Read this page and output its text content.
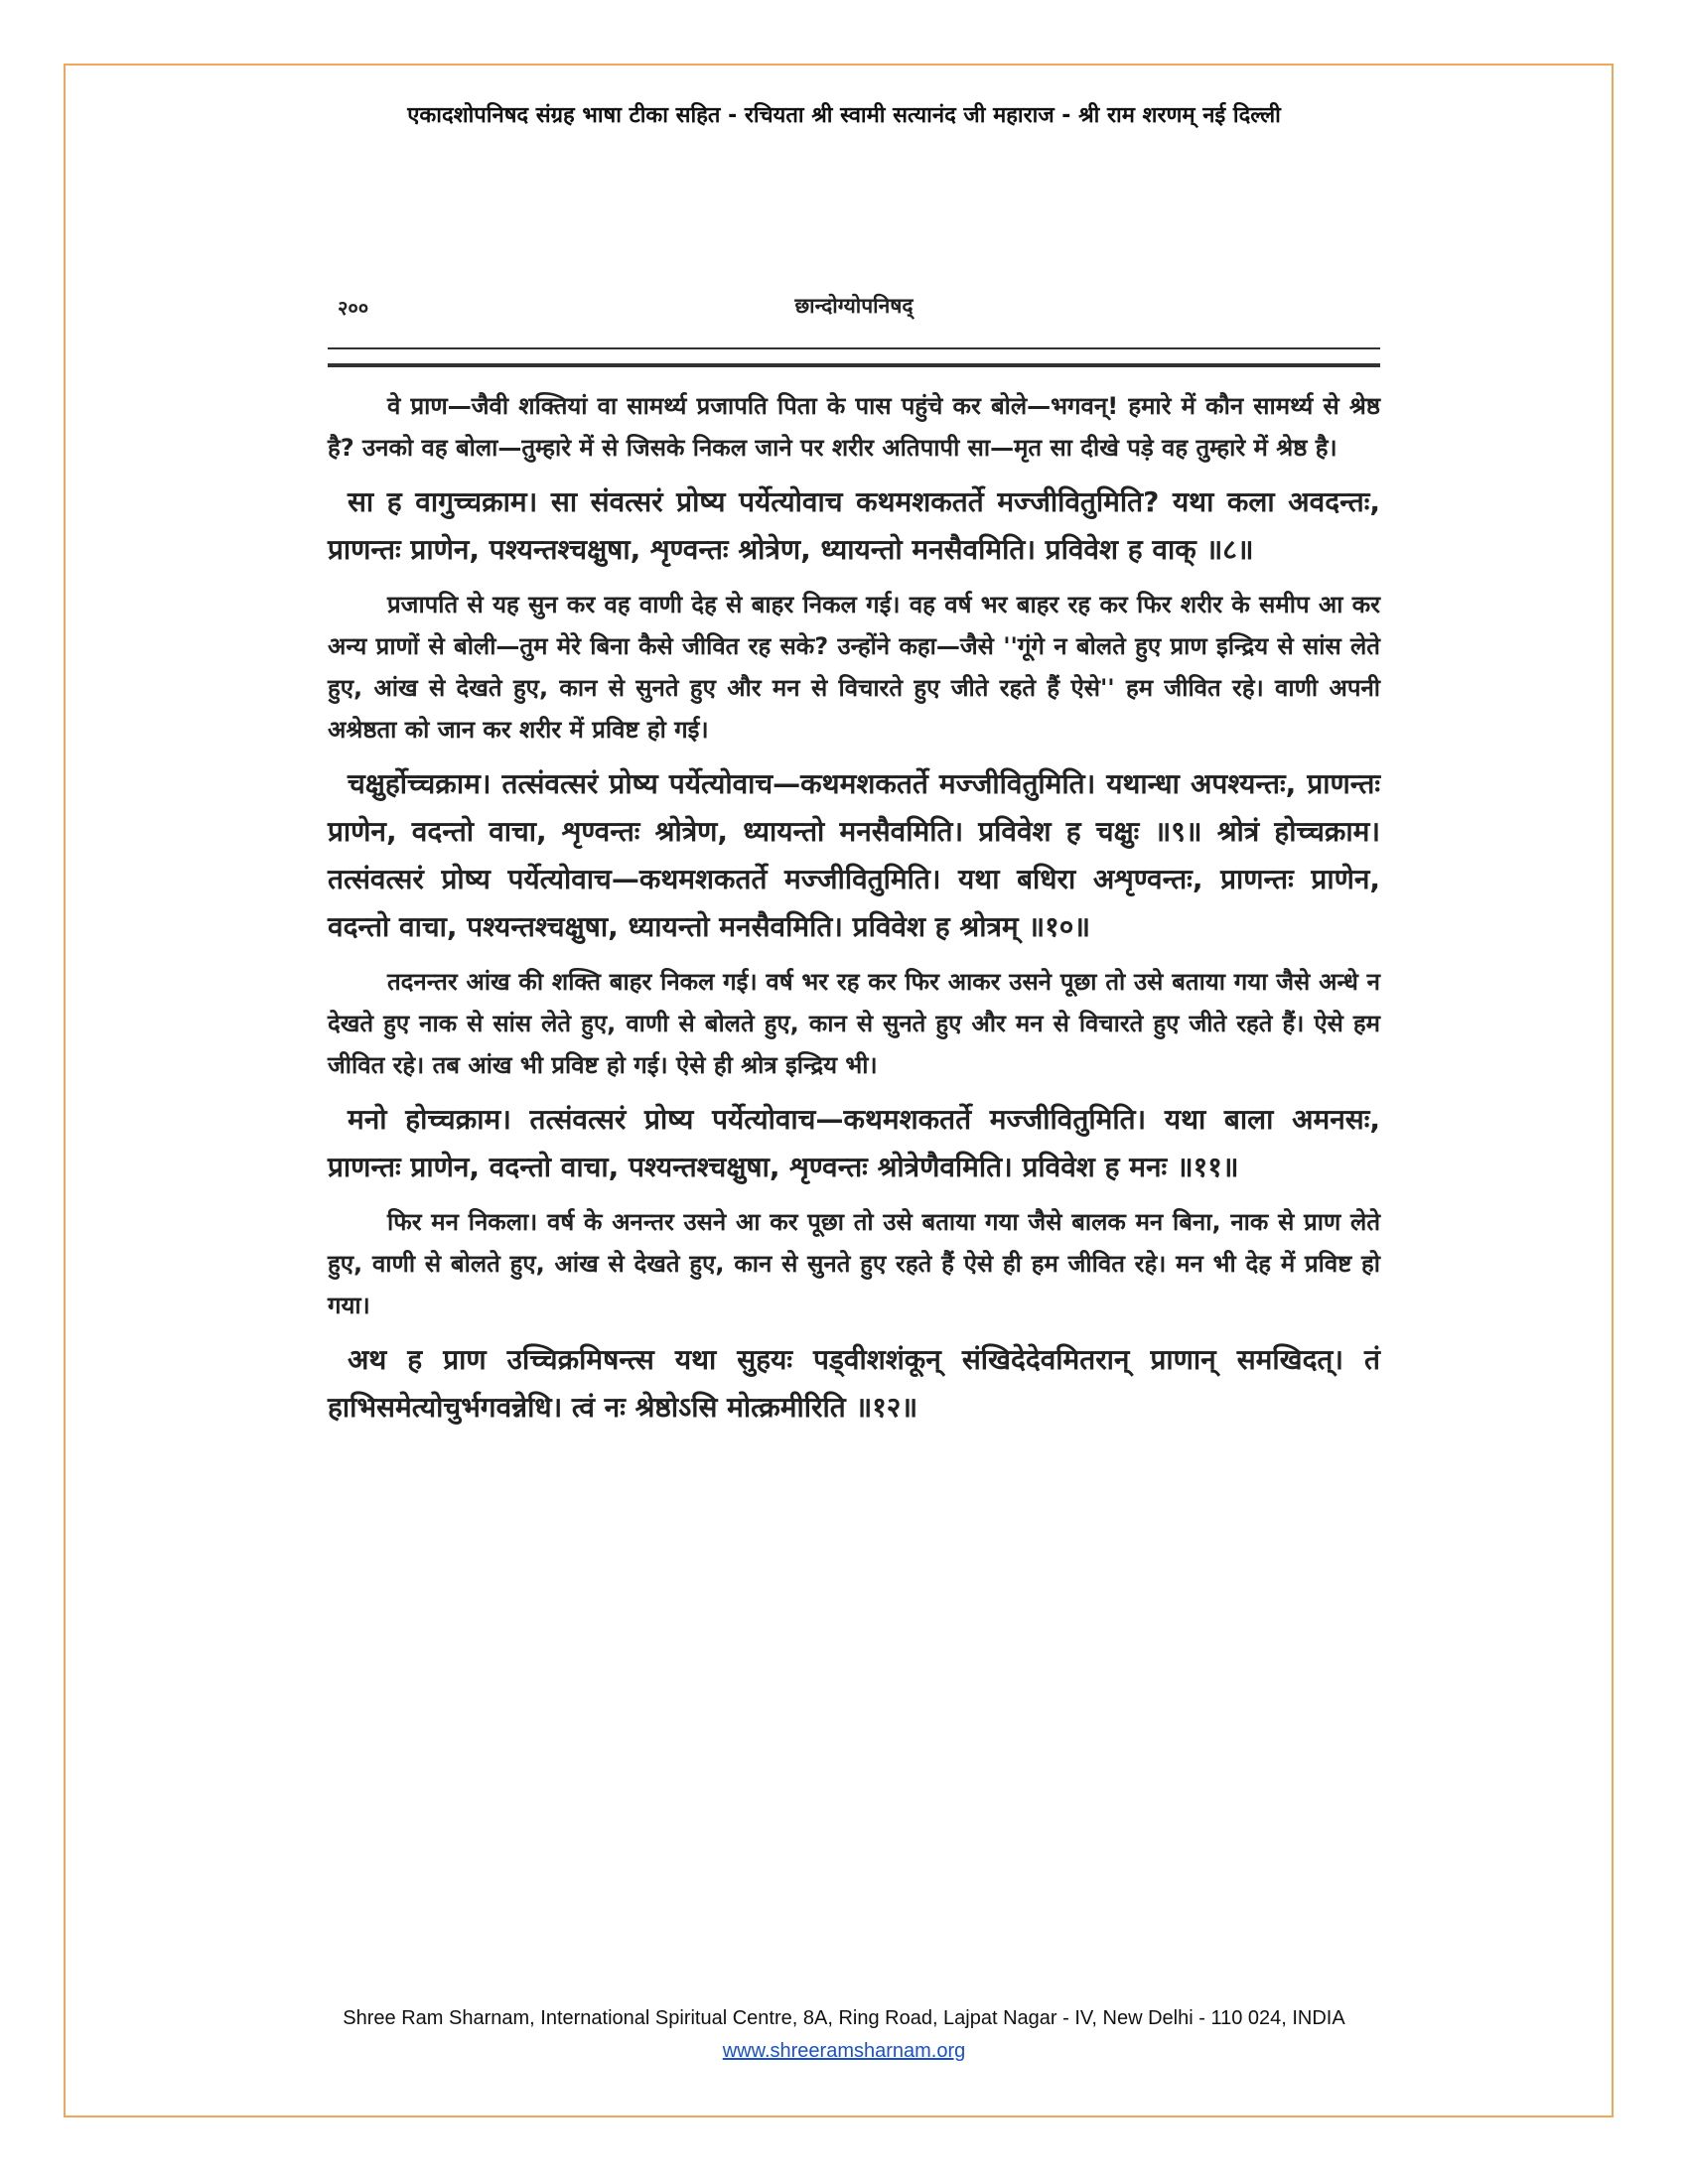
एकादशोपनिषद संग्रह भाषा टीका सहित - रचियता श्री स्वामी सत्यानंद जी महाराज - श्री राम शरणम् नई दिल्ली
२००	छान्दोग्योपनिषद्

वे प्राण—जैवी शक्तियां वा सामर्थ्य प्रजापति पिता के पास पहुंचे कर बोले—भगवन्! हमारे में कौन सामर्थ्य से श्रेष्ठ है? उनको वह बोला—तुम्हारे में से जिसके निकल जाने पर शरीर अतिपापी सा—मृत सा दीखे पड़े वह तुम्हारे में श्रेष्ठ है।

सा ह वागुच्चक्राम। सा संवत्सरं प्रोष्य पर्येत्योवाच कथमशकतर्ते मज्जीवितुमिति? यथा कला अवदन्तः, प्राणन्तः प्राणेन, पश्यन्तश्चक्षुषा, शृण्वन्तः श्रोत्रेण, ध्यायन्तो मनसैवमिति। प्रविवेश ह वाक् ॥८॥

प्रजापति से यह सुन कर वह वाणी देह से बाहर निकल गई। वह वर्ष भर बाहर रह कर फिर शरीर के समीप आ कर अन्य प्राणों से बोली—तुम मेरे बिना कैसे जीवित रह सके? उन्होंने कहा—जैसे ''गूंगे न बोलते हुए प्राण इन्द्रिय से सांस लेते हुए, आंख से देखते हुए, कान से सुनते हुए और मन से विचारते हुए जीते रहते हैं ऐसे'' हम जीवित रहे। वाणी अपनी अश्रेष्ठता को जान कर शरीर में प्रविष्ट हो गई।

चक्षुर्होच्चक्राम। तत्संवत्सरं प्रोष्य पर्येत्योवाच—कथमशकतर्ते मज्जीवितुमिति। यथान्धा अपश्यन्तः, प्राणन्तः प्राणेन, वदन्तो वाचा, शृण्वन्तः श्रोत्रेण, ध्यायन्तो मनसैवमिति। प्रविवेश ह चक्षुः ॥९॥ श्रोत्रं होच्चक्राम। तत्संवत्सरं प्रोष्य पर्येत्योवाच—कथमशकतर्ते मज्जीवितुमिति। यथा बधिरा अशृण्वन्तः, प्राणन्तः प्राणेन, वदन्तो वाचा, पश्यन्तश्चक्षुषा, ध्यायन्तो मनसैवमिति। प्रविवेश ह श्रोत्रम् ॥१०॥

तदनन्तर आंख की शक्ति बाहर निकल गई। वर्ष भर रह कर फिर आकर उसने पूछा तो उसे बताया गया जैसे अन्धे न देखते हुए नाक से सांस लेते हुए, वाणी से बोलते हुए, कान से सुनते हुए और मन से विचारते हुए जीते रहते हैं। ऐसे हम जीवित रहे। तब आंख भी प्रविष्ट हो गई। ऐसे ही श्रोत्र इन्द्रिय भी।

मनो होच्चक्राम। तत्संवत्सरं प्रोष्य पर्येत्योवाच—कथमशकतर्ते मज्जीवितुमिति। यथा बाला अमनसः, प्राणन्तः प्राणेन, वदन्तो वाचा, पश्यन्तश्चक्षुषा, शृण्वन्तः श्रोत्रेणैवमिति। प्रविवेश ह मनः ॥११॥

फिर मन निकला। वर्ष के अनन्तर उसने आ कर पूछा तो उसे बताया गया जैसे बालक मन बिना, नाक से प्राण लेते हुए, वाणी से बोलते हुए, आंख से देखते हुए, कान से सुनते हुए रहते हैं ऐसे ही हम जीवित रहे। मन भी देह में प्रविष्ट हो गया।

अथ ह प्राण उच्चिक्रमिषन्त्स यथा सुहयः पड्वीशशंकून् संखिदेदेवमितरान् प्राणान् समखिदत्। तं हाभिसमेत्योचुर्भगवन्नेधि। त्वं नः श्रेष्ठोऽसि मोत्क्रमीरिति ॥१२॥

Shree Ram Sharnam, International Spiritual Centre, 8A, Ring Road, Lajpat Nagar - IV, New Delhi - 110 024, INDIA
www.shreeramsharnam.org
